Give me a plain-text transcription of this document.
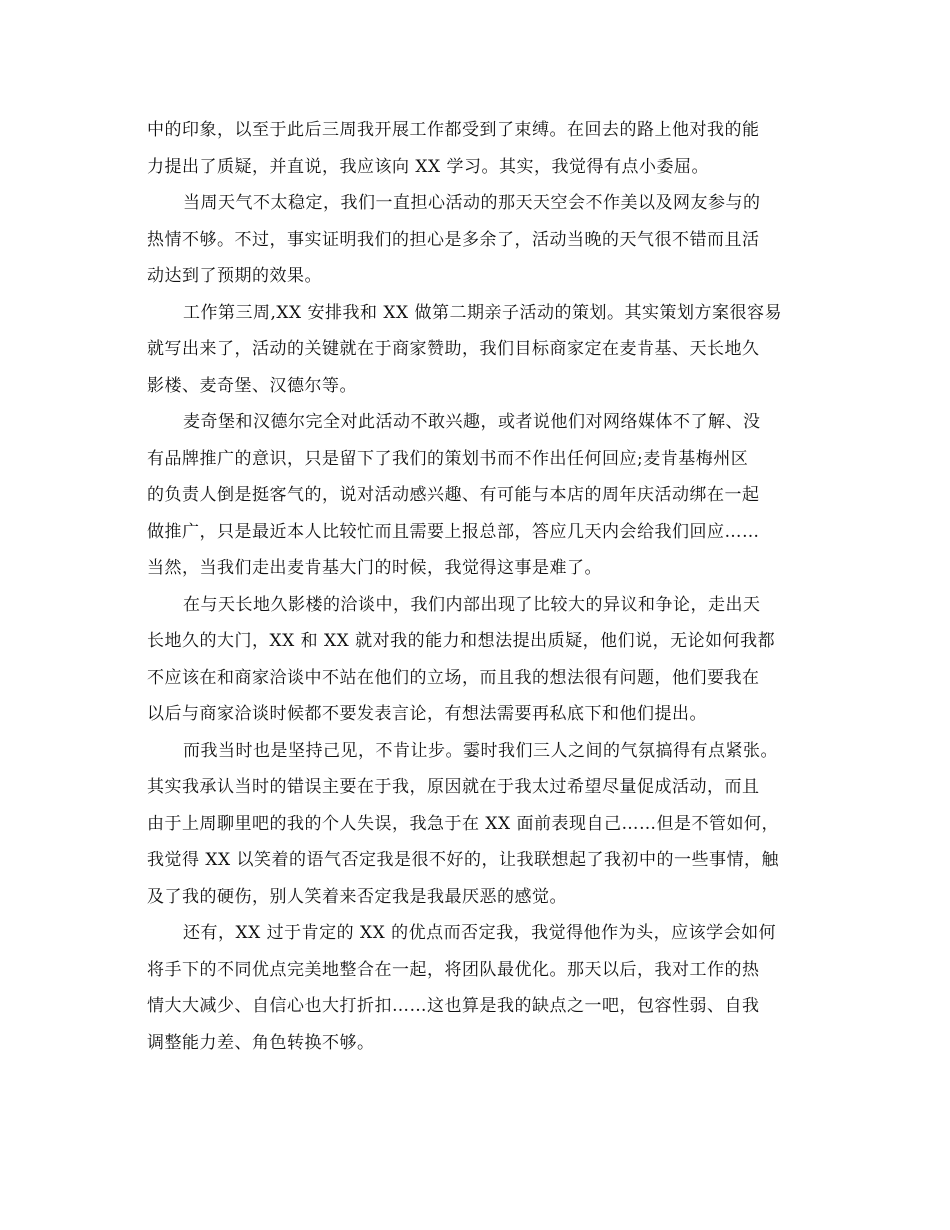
中的印象，以至于此后三周我开展工作都受到了束缚。在回去的路上他对我的能
力提出了质疑，并直说，我应该向 XX 学习。其实，我觉得有点小委屈。
当周天气不太稳定，我们一直担心活动的那天天空会不作美以及网友参与的
热情不够。不过，事实证明我们的担心是多余了，活动当晚的天气很不错而且活
动达到了预期的效果。
工作第三周,XX 安排我和 XX 做第二期亲子活动的策划。其实策划方案很容易
就写出来了，活动的关键就在于商家赞助，我们目标商家定在麦肯基、天长地久
影楼、麦奇堡、汉德尔等。
麦奇堡和汉德尔完全对此活动不敢兴趣，或者说他们对网络媒体不了解、没
有品牌推广的意识，只是留下了我们的策划书而不作出任何回应;麦肯基梅州区
的负责人倒是挺客气的，说对活动感兴趣、有可能与本店的周年庆活动绑在一起
做推广，只是最近本人比较忙而且需要上报总部，答应几天内会给我们回应……
当然，当我们走出麦肯基大门的时候，我觉得这事是难了。
在与天长地久影楼的洽谈中，我们内部出现了比较大的异议和争论，走出天
长地久的大门，XX 和 XX 就对我的能力和想法提出质疑，他们说，无论如何我都
不应该在和商家洽谈中不站在他们的立场，而且我的想法很有问题，他们要我在
以后与商家洽谈时候都不要发表言论，有想法需要再私底下和他们提出。
而我当时也是坚持己见，不肯让步。霎时我们三人之间的气氛搞得有点紧张。
其实我承认当时的错误主要在于我，原因就在于我太过希望尽量促成活动，而且
由于上周聊里吧的我的个人失误，我急于在 XX 面前表现自己……但是不管如何，
我觉得 XX 以笑着的语气否定我是很不好的，让我联想起了我初中的一些事情，触
及了我的硬伤，别人笑着来否定我是我最厌恶的感觉。
还有，XX 过于肯定的 XX 的优点而否定我，我觉得他作为头，应该学会如何
将手下的不同优点完美地整合在一起，将团队最优化。那天以后，我对工作的热
情大大减少、自信心也大打折扣……这也算是我的缺点之一吧，包容性弱、自我
调整能力差、角色转换不够。
